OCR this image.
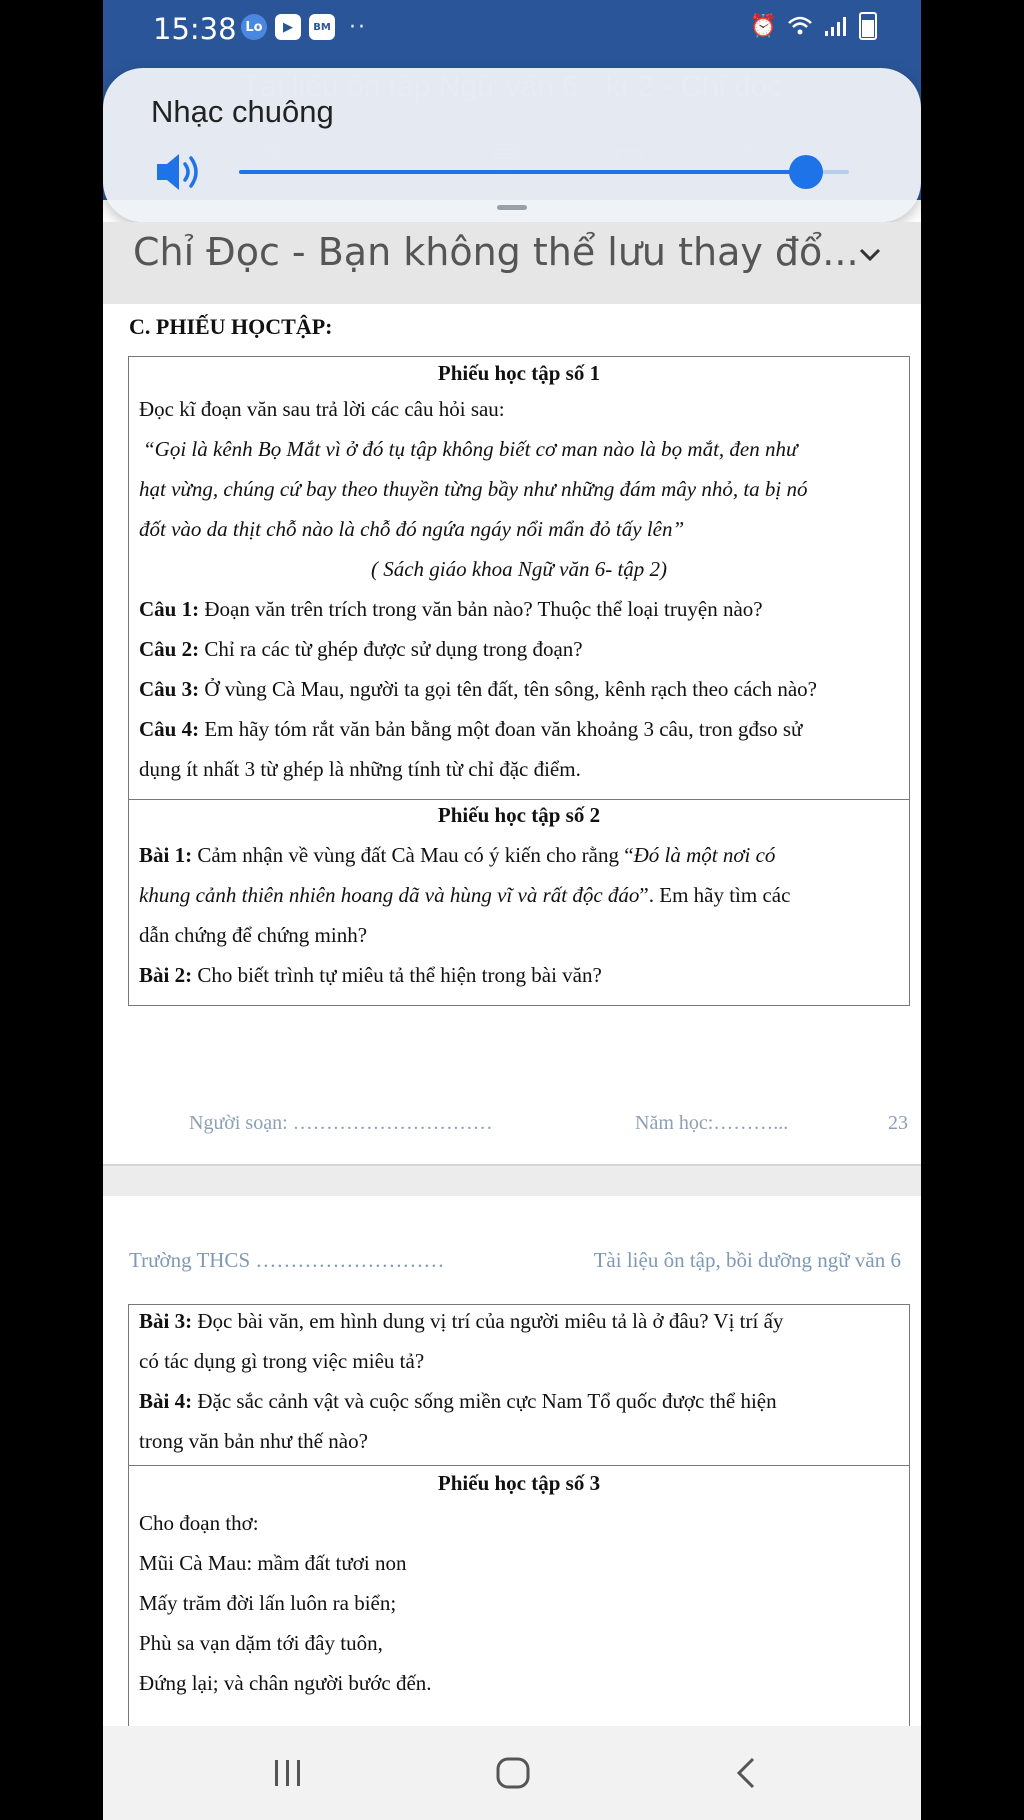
15:38 Lo	▶	BM ··	⏰
Nhạc chuông
Chỉ Đọc - Bạn không thể lưu thay đổ...
C. PHIẾU HỌCTẬP:
Phiếu học tập số 1
Đọc kĩ đoạn văn sau trả lời các câu hỏi sau:
“Gọi là kênh Bọ Mắt vì ở đó tụ tập không biết cơ man nào là bọ mắt, đen như
hạt vừng, chúng cứ bay theo thuyền từng bầy như những đám mây nhỏ, ta bị nó
đốt vào da thịt chỗ nào là chỗ đó ngứa ngáy nổi mẩn đỏ tấy lên”
( Sách giáo khoa Ngữ văn 6- tập 2)
Câu 1: Đoạn văn trên trích trong văn bản nào? Thuộc thể loại truyện nào?
Câu 2: Chỉ ra các từ ghép được sử dụng trong đoạn?
Câu 3: Ở vùng Cà Mau, người ta gọi tên đất, tên sông, kênh rạch theo cách nào?
Câu 4: Em hãy tóm rắt văn bản bằng một đoan văn khoảng 3 câu, tron gđso sử
dụng ít nhất 3 từ ghép là những tính từ chỉ đặc điểm.
Phiếu học tập số 2
Bài 1: Cảm nhận về vùng đất Cà Mau có ý kiến cho rằng “Đó là một nơi có
khung cảnh thiên nhiên hoang dã và hùng vĩ và rất độc đáo”. Em hãy tìm các
dẫn chứng để chứng minh?
Bài 2: Cho biết trình tự miêu tả thể hiện trong bài văn?
Người soạn: …………………………	Năm học:………...	23
Trường THCS ………………………	Tài liệu ôn tập, bồi dưỡng ngữ văn 6
Bài 3: Đọc bài văn, em hình dung vị trí của người miêu tả là ở đâu? Vị trí ấy
có tác dụng gì trong việc miêu tả?
Bài 4: Đặc sắc cảnh vật và cuộc sống miền cực Nam Tổ quốc được thể hiện
trong văn bản như thế nào?
Phiếu học tập số 3
Cho đoạn thơ:
Mũi Cà Mau: mầm đất tươi non
Mấy trăm đời lấn luôn ra biển;
Phù sa vạn dặm tới đây tuôn,
Đứng lại; và chân người bước đến.
